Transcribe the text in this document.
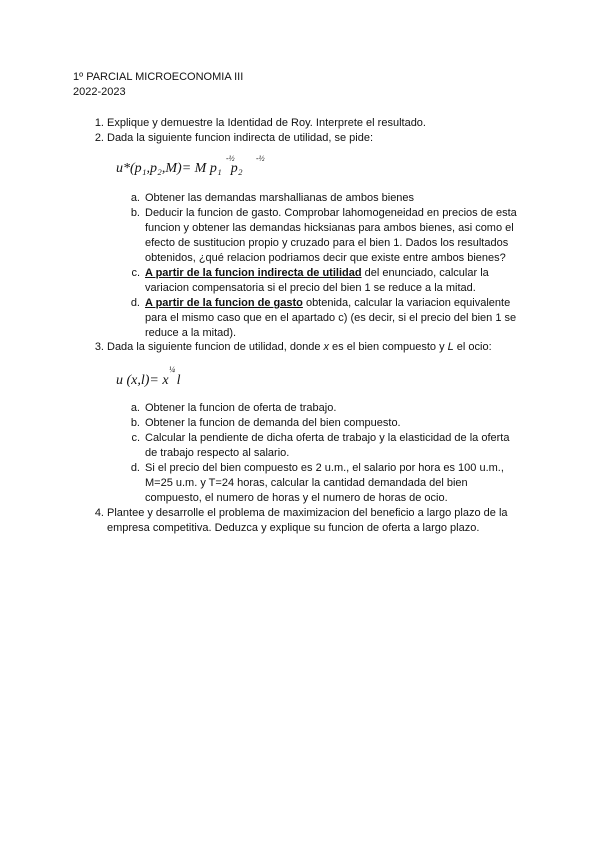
1º PARCIAL MICROECONOMIA III
2022-2023
1. Explique y demuestre la Identidad de Roy. Interprete el resultado.
2. Dada la siguiente funcion indirecta de utilidad, se pide:
u*(p₁,p₂,M)= M p₁
-½
p₂
-½
a. Obtener las demandas marshallianas de ambos bienes
b. Deducir la funcion de gasto. Comprobar lahomogeneidad en precios de esta
funcion y obtener las demandas hicksianas para ambos bienes, asi como el
efecto de sustitucion propio y cruzado para el bien 1. Dados los resultados
obtenidos, ¿qué relacion podriamos decir que existe entre ambos bienes?
c. A partir de la funcion indirecta de utilidad del enunciado, calcular la
variacion compensatoria si el precio del bien 1 se reduce a la mitad.
d. A partir de la funcion de gasto obtenida, calcular la variacion equivalente
para el mismo caso que en el apartado c) (es decir, si el precio del bien 1 se
reduce a la mitad).
3. Dada la siguiente funcion de utilidad, donde x es el bien compuesto y L el ocio:
u (x,l)= x
¼
l
a. Obtener la funcion de oferta de trabajo.
b. Obtener la funcion de demanda del bien compuesto.
c. Calcular la pendiente de dicha oferta de trabajo y la elasticidad de la oferta
de trabajo respecto al salario.
d. Si el precio del bien compuesto es 2 u.m., el salario por hora es 100 u.m.,
M=25 u.m. y T=24 horas, calcular la cantidad demandada del bien
compuesto, el numero de horas y el numero de horas de ocio.
4. Plantee y desarrolle el problema de maximizacion del beneficio a largo plazo de la
empresa competitiva. Deduzca y explique su funcion de oferta a largo plazo.
